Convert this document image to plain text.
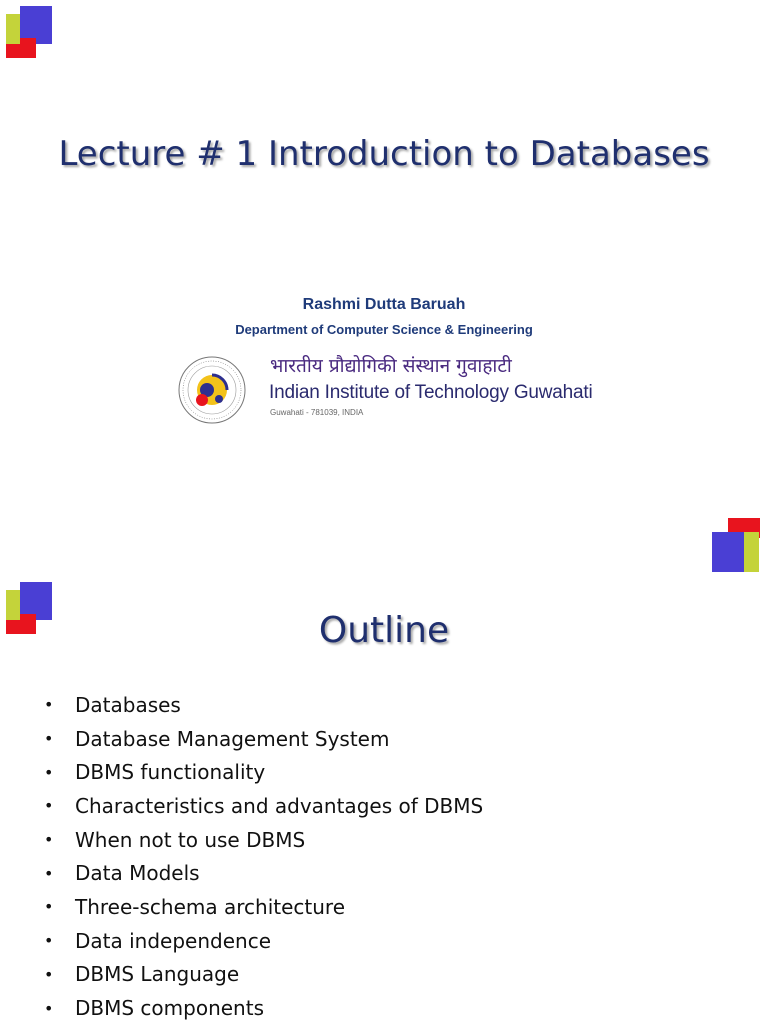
Lecture # 1 Introduction to Databases
Rashmi Dutta Baruah
Department of Computer Science & Engineering
भारतीय प्रौद्योगिकी संस्थान गुवाहाटी
Indian Institute of Technology Guwahati
Guwahati - 781039, INDIA
Outline
•	Databases
•	Database Management System
•	DBMS functionality
•	Characteristics and advantages of DBMS
•	When not to use DBMS
•	Data Models
•	Three-schema architecture
•	Data independence
•	DBMS Language
•	DBMS components
